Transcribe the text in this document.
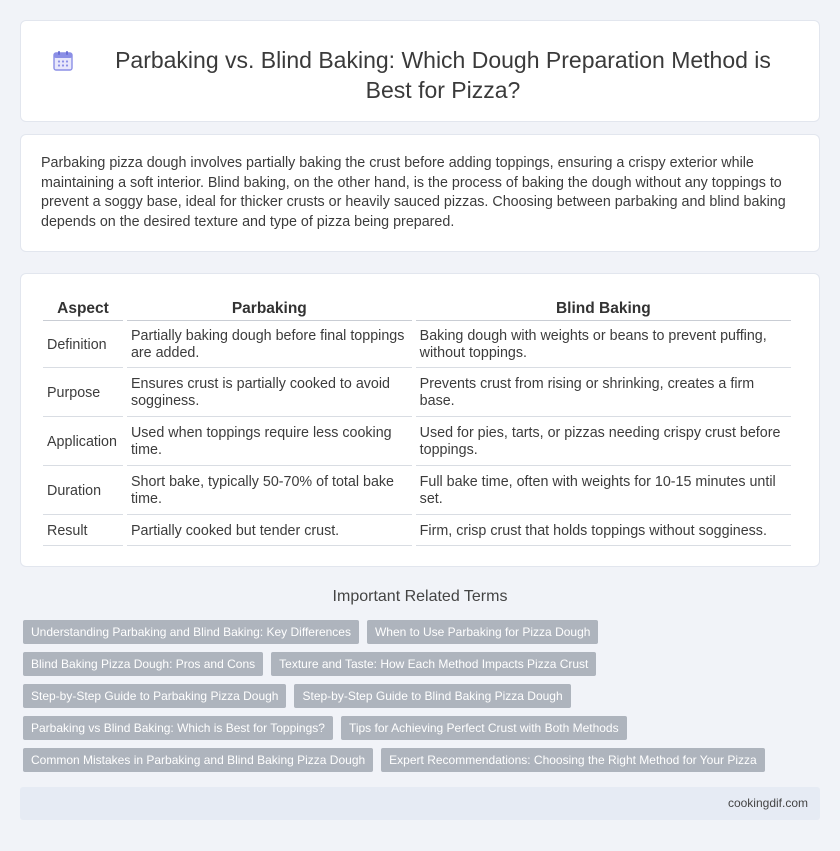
Parbaking vs. Blind Baking: Which Dough Preparation Method is Best for Pizza?

Parbaking pizza dough involves partially baking the crust before adding toppings, ensuring a crispy exterior while maintaining a soft interior. Blind baking, on the other hand, is the process of baking the dough without any toppings to prevent a soggy base, ideal for thicker crusts or heavily sauced pizzas. Choosing between parbaking and blind baking depends on the desired texture and type of pizza being prepared.

Aspect	Parbaking	Blind Baking
Definition	Partially baking dough before final toppings are added.	Baking dough with weights or beans to prevent puffing, without toppings.
Purpose	Ensures crust is partially cooked to avoid sogginess.	Prevents crust from rising or shrinking, creates a firm base.
Application	Used when toppings require less cooking time.	Used for pies, tarts, or pizzas needing crispy crust before toppings.
Duration	Short bake, typically 50-70% of total bake time.	Full bake time, often with weights for 10-15 minutes until set.
Result	Partially cooked but tender crust.	Firm, crisp crust that holds toppings without sogginess.
Important Related Terms
Understanding Parbaking and Blind Baking: Key Differences	When to Use Parbaking for Pizza Dough
Blind Baking Pizza Dough: Pros and Cons	Texture and Taste: How Each Method Impacts Pizza Crust
Step-by-Step Guide to Parbaking Pizza Dough	Step-by-Step Guide to Blind Baking Pizza Dough
Parbaking vs Blind Baking: Which is Best for Toppings?	Tips for Achieving Perfect Crust with Both Methods
Common Mistakes in Parbaking and Blind Baking Pizza Dough	Expert Recommendations: Choosing the Right Method for Your Pizza
cookingdif.com
